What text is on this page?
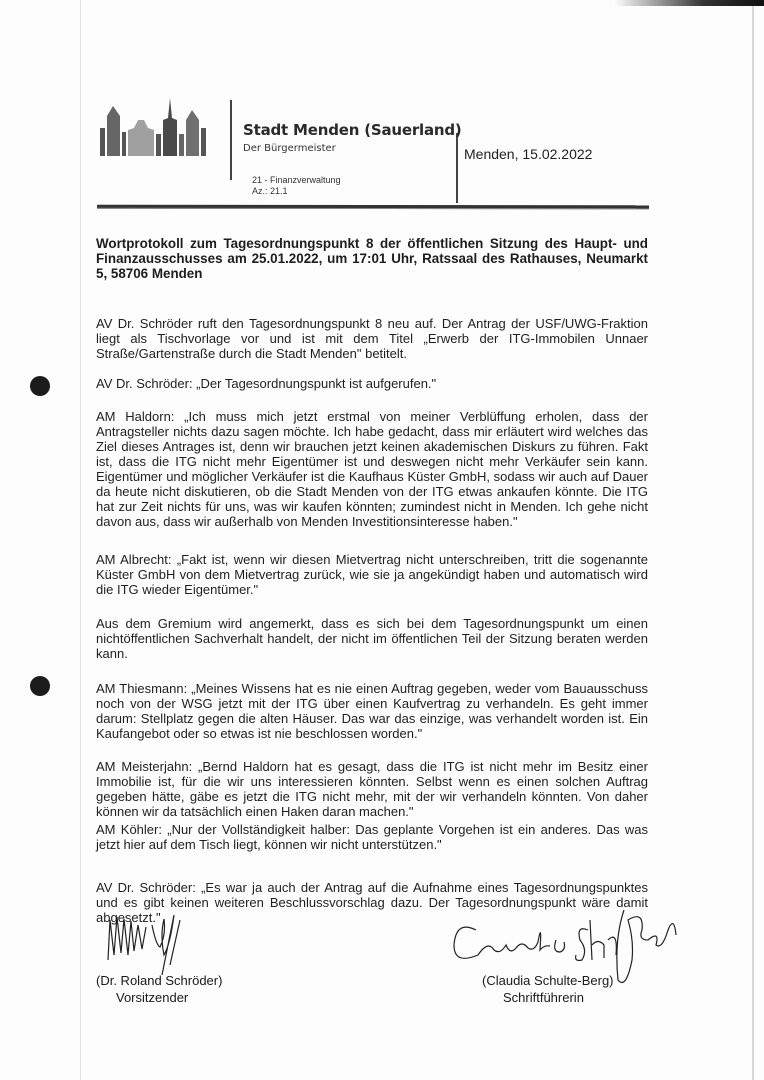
Stadt Menden (Sauerland)
Der Bürgermeister
21 - Finanzverwaltung
Az.: 21.1
Menden, 15.02.2022
Wortprotokoll zum Tagesordnungspunkt 8 der öffentlichen Sitzung des Haupt- und Finanzausschusses am 25.01.2022, um 17:01 Uhr, Ratssaal des Rathauses, Neumarkt 5, 58706 Menden
AV Dr. Schröder ruft den Tagesordnungspunkt 8 neu auf. Der Antrag der USF/UWG-Fraktion liegt als Tischvorlage vor und ist mit dem Titel „Erwerb der ITG-Immobilen Unnaer Straße/Gartenstraße durch die Stadt Menden" betitelt.
AV Dr. Schröder: „Der Tagesordnungspunkt ist aufgerufen."
AM Haldorn: „Ich muss mich jetzt erstmal von meiner Verblüffung erholen, dass der Antragsteller nichts dazu sagen möchte. Ich habe gedacht, dass mir erläutert wird welches das Ziel dieses Antrages ist, denn wir brauchen jetzt keinen akademischen Diskurs zu führen. Fakt ist, dass die ITG nicht mehr Eigentümer ist und deswegen nicht mehr Verkäufer sein kann. Eigentümer und möglicher Verkäufer ist die Kaufhaus Küster GmbH, sodass wir auch auf Dauer da heute nicht diskutieren, ob die Stadt Menden von der ITG etwas ankaufen könnte. Die ITG hat zur Zeit nichts für uns, was wir kaufen könnten; zumindest nicht in Menden. Ich gehe nicht davon aus, dass wir außerhalb von Menden Investitionsinteresse haben."
AM Albrecht: „Fakt ist, wenn wir diesen Mietvertrag nicht unterschreiben, tritt die sogenannte Küster GmbH von dem Mietvertrag zurück, wie sie ja angekündigt haben und automatisch wird die ITG wieder Eigentümer."
Aus dem Gremium wird angemerkt, dass es sich bei dem Tagesordnungspunkt um einen nichtöffentlichen Sachverhalt handelt, der nicht im öffentlichen Teil der Sitzung beraten werden kann.
AM Thiesmann: „Meines Wissens hat es nie einen Auftrag gegeben, weder vom Bauausschuss noch von der WSG jetzt mit der ITG über einen Kaufvertrag zu verhandeln. Es geht immer darum: Stellplatz gegen die alten Häuser. Das war das einzige, was verhandelt worden ist. Ein Kaufangebot oder so etwas ist nie beschlossen worden."
AM Meisterjahn: „Bernd Haldorn hat es gesagt, dass die ITG ist nicht mehr im Besitz einer Immobilie ist, für die wir uns interessieren könnten. Selbst wenn es einen solchen Auftrag gegeben hätte, gäbe es jetzt die ITG nicht mehr, mit der wir verhandeln könnten. Von daher können wir da tatsächlich einen Haken daran machen."
AM Köhler: „Nur der Vollständigkeit halber: Das geplante Vorgehen ist ein anderes. Das was jetzt hier auf dem Tisch liegt, können wir nicht unterstützen."
AV Dr. Schröder: „Es war ja auch der Antrag auf die Aufnahme eines Tagesordnungspunktes und es gibt keinen weiteren Beschlussvorschlag dazu. Der Tagesordnungspunkt wäre damit abgesetzt."
(Dr. Roland Schröder)
Vorsitzender
(Claudia Schulte-Berg)
Schriftführerin
